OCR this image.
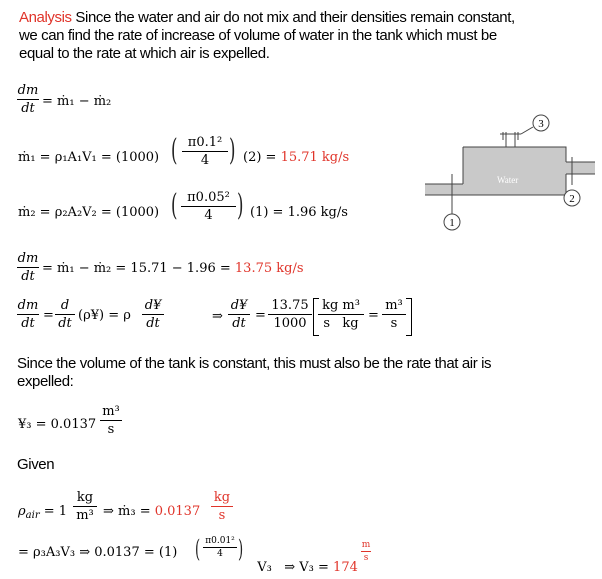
Analysis Since the water and air do not mix and their densities remain constant,
we can find the rate of increase of volume of water in the tank which must be
equal to the rate at which air is expelled.
dm
dt = ṁ₁ − ṁ₂
ṁ₁ = ρ₁A₁V₁ = (1000) ( π0.1²
4 ) (2) = 15.71 kg/s
ṁ₂ = ρ₂A₂V₂ = (1000) ( π0.05²
4 ) (1) = 1.96 kg/s
dm
dt
= ṁ₁ − ṁ₂ = 15.71 − 1.96 = 13.75 kg/s
dm
dt
=
d
dt
(ρ¥) = ρ
d¥
dt	⇒
d¥
dt
=
13.75
1000
kg m³
s   kg
=
m³
s
Since the volume of the tank is constant, this must also be the rate that air is
expelled:
¥₃ = 0.0137
m³
s
Given
$\rho_{air} = 1$
kg
m³ ⇒ ṁ₃ = 0.0137
kg
s
= ρ₃A₃V₃ ⇒ 0.0137 = (1) ( π0.01²
4 )

V₃   ⇒ V₃ = 174

m
s
Water
3
2
1
